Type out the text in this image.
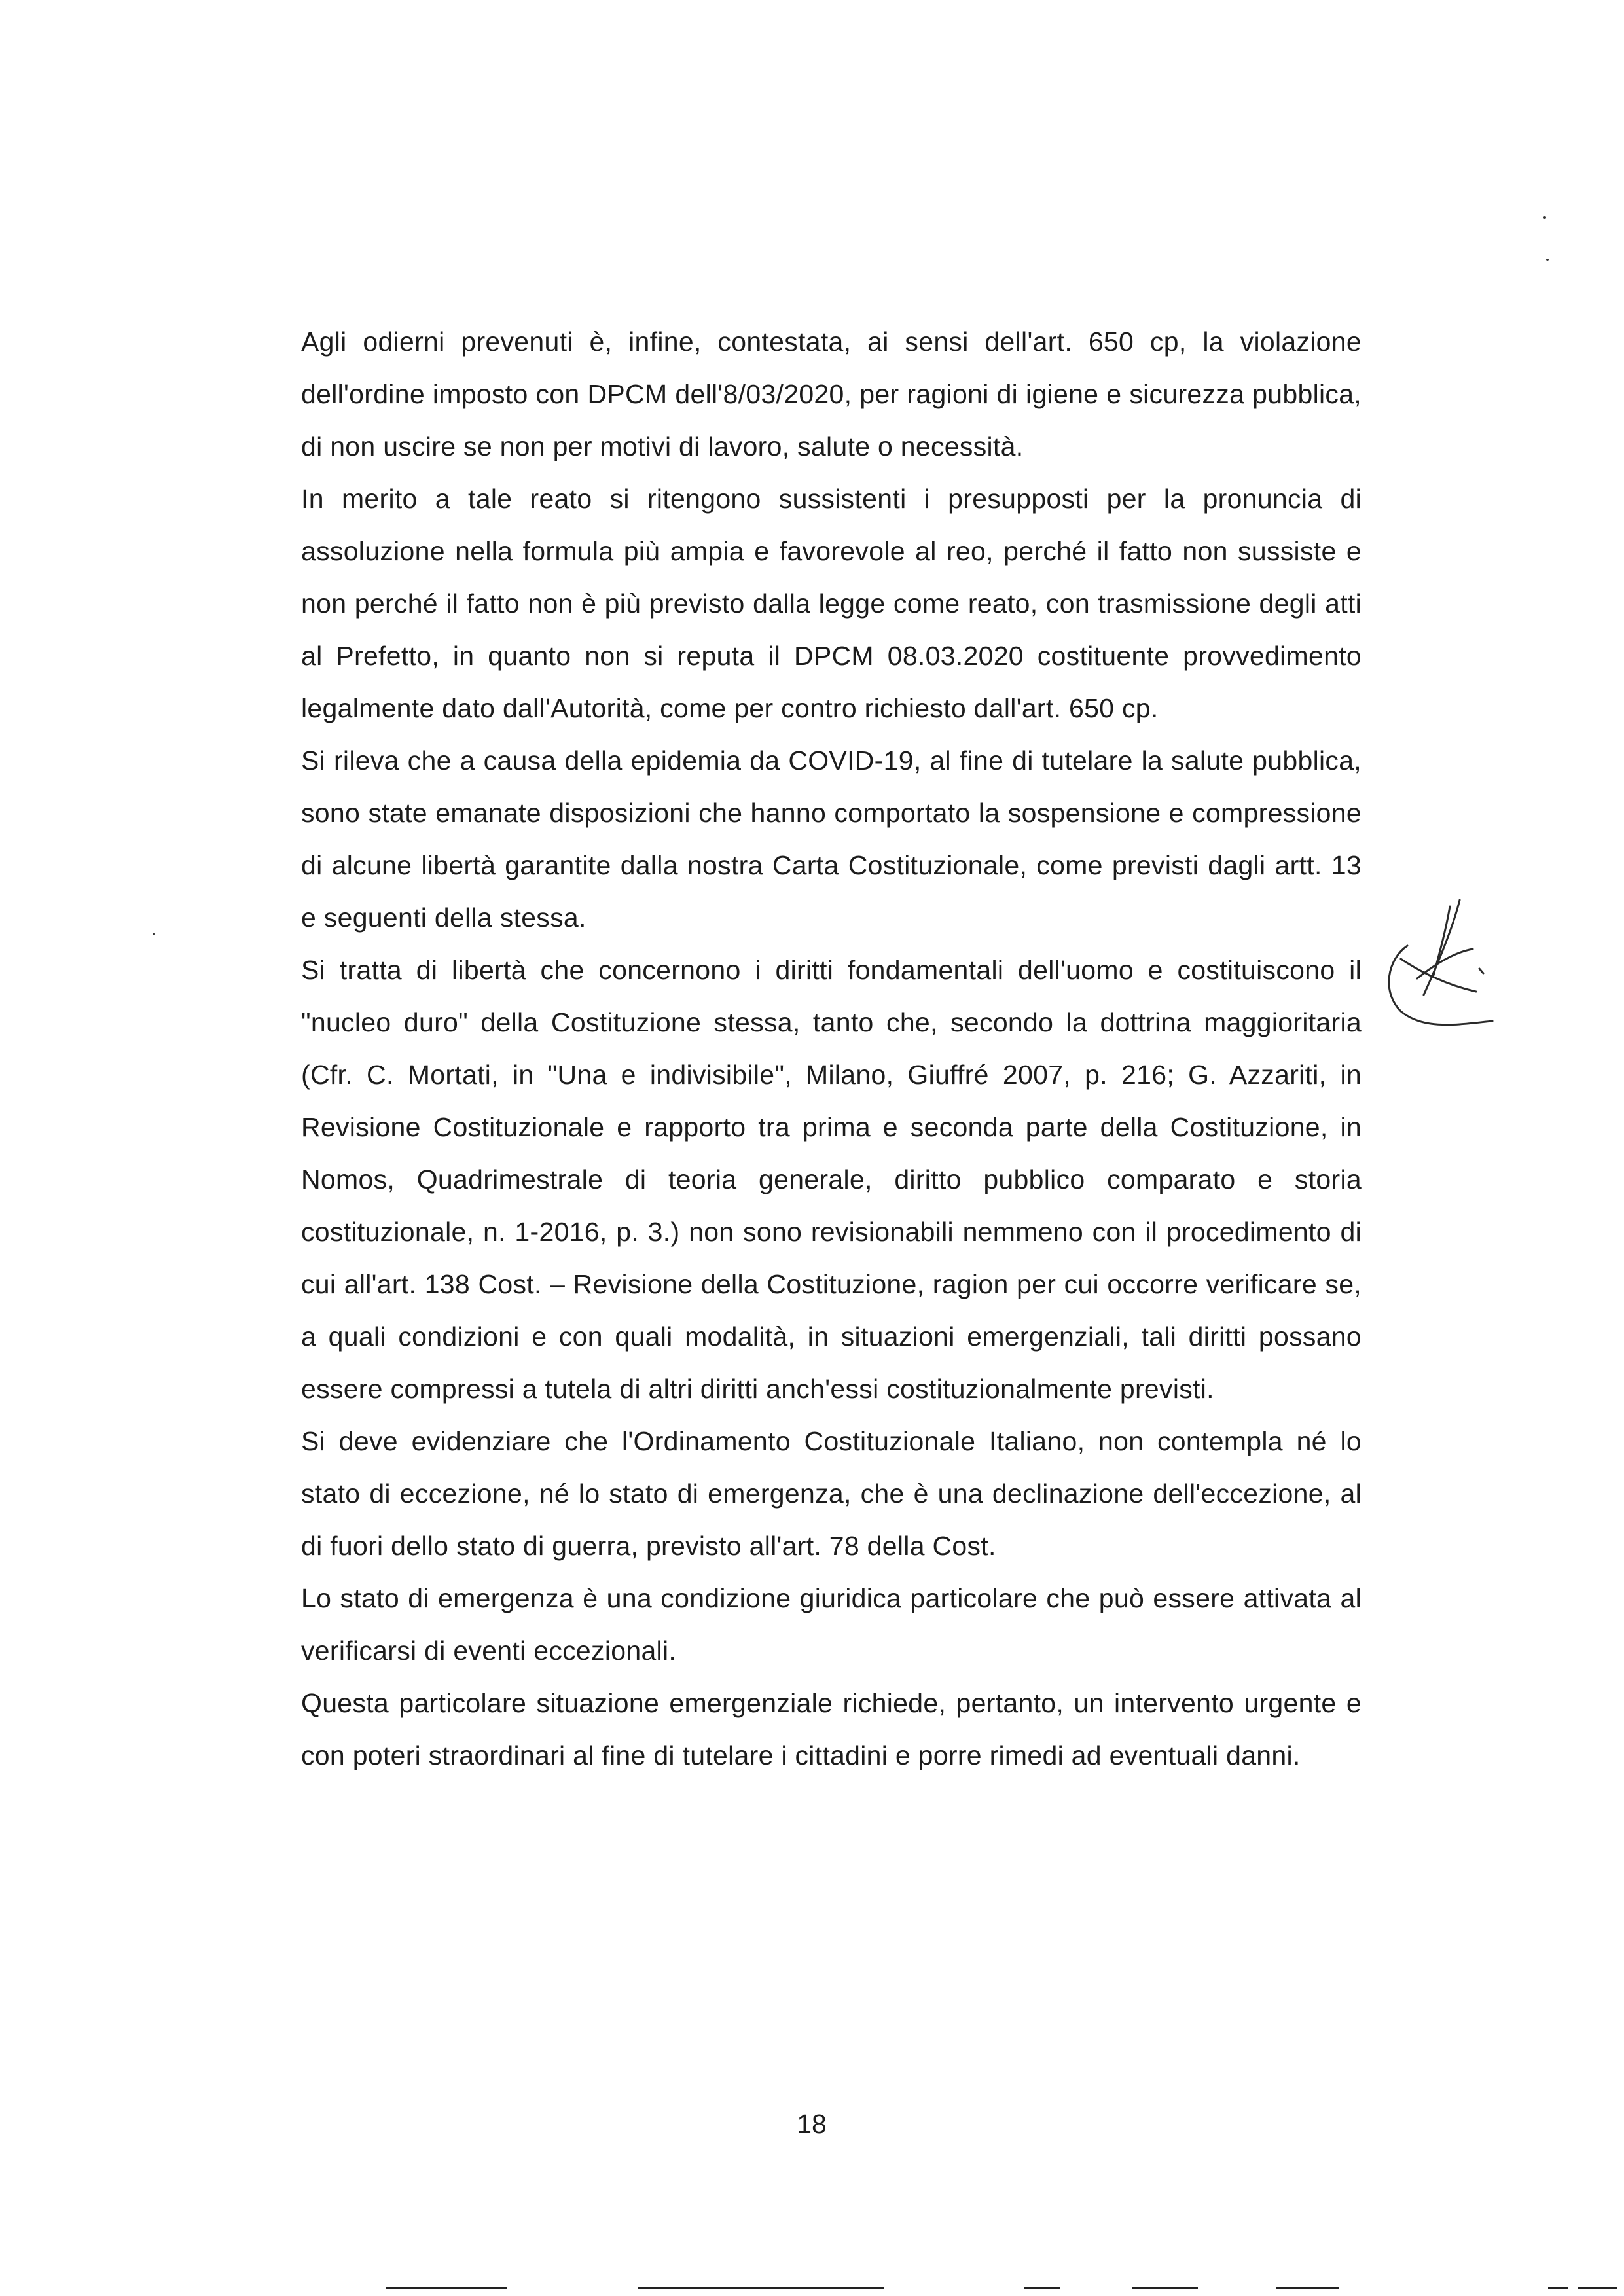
Agli odierni prevenuti è, infine, contestata, ai sensi dell'art. 650 cp, la violazione dell'ordine imposto con DPCM dell'8/03/2020, per ragioni di igiene e sicurezza pubblica, di non uscire se non per motivi di lavoro, salute o necessità.

In merito a tale reato si ritengono sussistenti i presupposti per la pronuncia di assoluzione nella formula più ampia e favorevole al reo, perché il fatto non sussiste e non perché il fatto non è più previsto dalla legge come reato, con trasmissione degli atti al Prefetto, in quanto non si reputa il DPCM 08.03.2020 costituente provvedimento legalmente dato dall'Autorità, come per contro richiesto dall'art. 650 cp.

Si rileva che a causa della epidemia da COVID-19, al fine di tutelare la salute pubblica, sono state emanate disposizioni che hanno comportato la sospensione e compressione di alcune libertà garantite dalla nostra Carta Costituzionale, come previsti dagli artt. 13 e seguenti della stessa.

Si tratta di libertà che concernono i diritti fondamentali dell'uomo e costituiscono il "nucleo duro" della Costituzione stessa, tanto che, secondo la dottrina maggioritaria (Cfr. C. Mortati, in "Una e indivisibile", Milano, Giuffré 2007, p. 216; G. Azzariti, in Revisione Costituzionale e rapporto tra prima e seconda parte della Costituzione, in Nomos, Quadrimestrale di teoria generale, diritto pubblico comparato e storia costituzionale, n. 1-2016, p. 3.) non sono revisionabili nemmeno con il procedimento di cui all'art. 138 Cost. – Revisione della Costituzione, ragion per cui occorre verificare se, a quali condizioni e con quali modalità, in situazioni emergenziali, tali diritti possano essere compressi a tutela di altri diritti anch'essi costituzionalmente previsti.

Si deve evidenziare che l'Ordinamento Costituzionale Italiano, non contempla né lo stato di eccezione, né lo stato di emergenza, che è una declinazione dell'eccezione, al di fuori dello stato di guerra, previsto all'art. 78 della Cost.

Lo stato di emergenza è una condizione giuridica particolare che può essere attivata al verificarsi di eventi eccezionali.

Questa particolare situazione emergenziale richiede, pertanto, un intervento urgente e con poteri straordinari al fine di tutelare i cittadini e porre rimedi ad eventuali danni.

18
